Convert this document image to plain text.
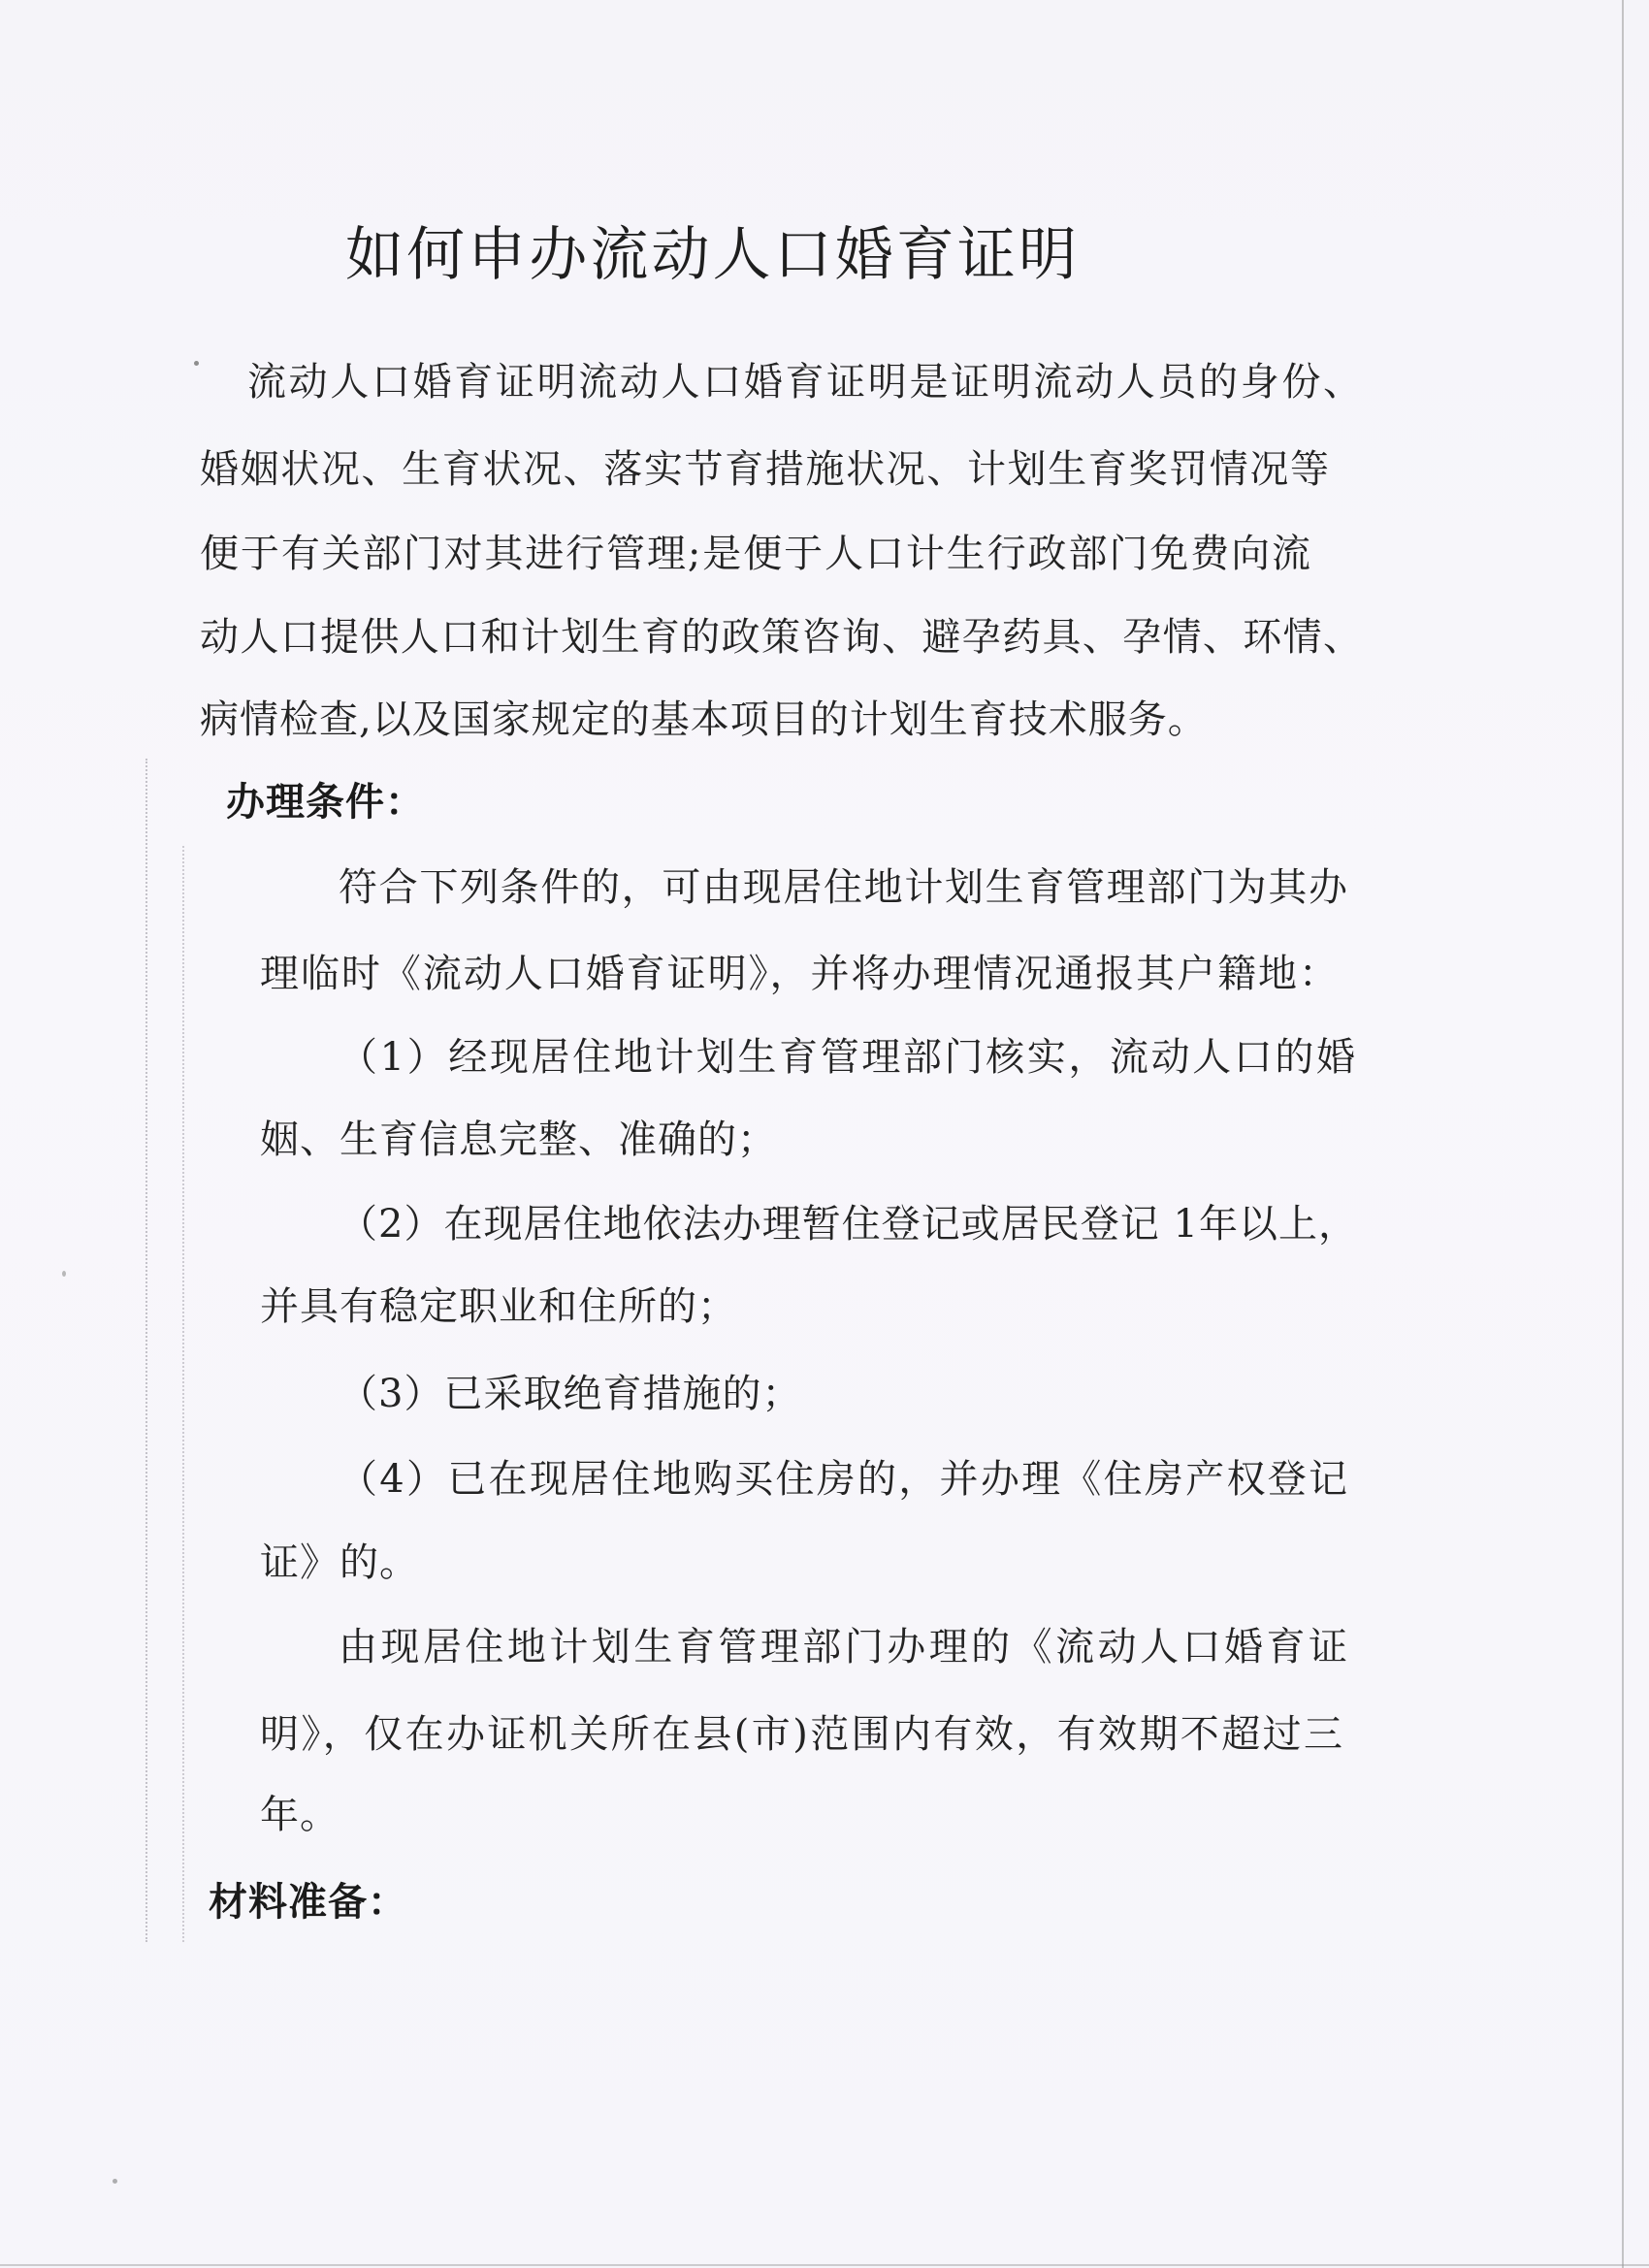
如何申办流动人口婚育证明
流动人口婚育证明流动人口婚育证明是证明流动人员的身份、
婚姻状况、生育状况、落实节育措施状况、计划生育奖罚情况等
便于有关部门对其进行管理;是便于人口计生行政部门免费向流
动人口提供人口和计划生育的政策咨询、避孕药具、孕情、环情、
病情检查,以及国家规定的基本项目的计划生育技术服务。
办理条件：
符合下列条件的，可由现居住地计划生育管理部门为其办
理临时《流动人口婚育证明》，并将办理情况通报其户籍地：
（1）经现居住地计划生育管理部门核实，流动人口的婚
姻、生育信息完整、准确的；
（2）在现居住地依法办理暂住登记或居民登记 1年以上，
并具有稳定职业和住所的；
（3）已采取绝育措施的；
（4）已在现居住地购买住房的，并办理《住房产权登记
证》的。
由现居住地计划生育管理部门办理的《流动人口婚育证
明》，仅在办证机关所在县(市)范围内有效，有效期不超过三
年。
材料准备：
